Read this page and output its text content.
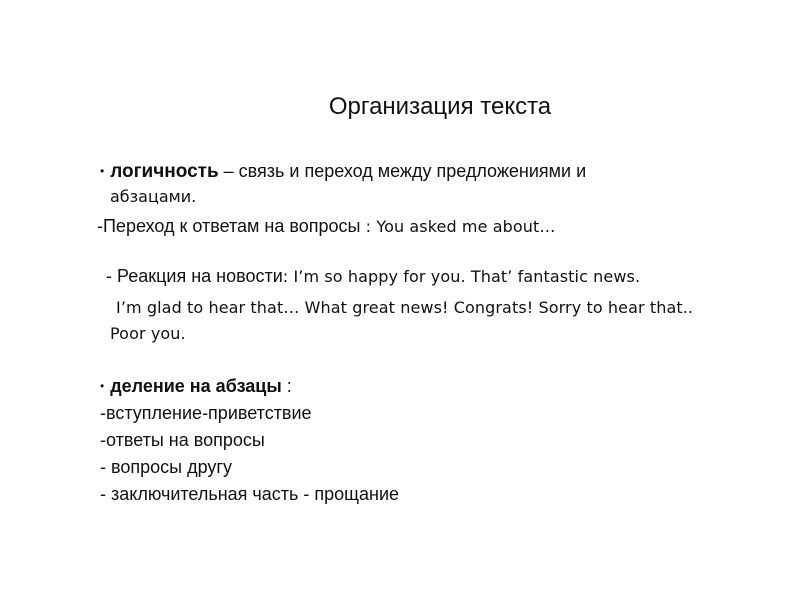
Организация текста
• логичность – связь и переход между предложениями и
абзацами.
-Переход к ответам на вопросы : You asked me about…
- Реакция на новости: I’m so happy for you. That’ fantastic news.
I’m glad to hear that… What great news! Congrats! Sorry to hear that..
Poor you.
• деление на абзацы :
-вступление-приветствие
-ответы на вопросы
- вопросы другу
- заключительная часть - прощание
